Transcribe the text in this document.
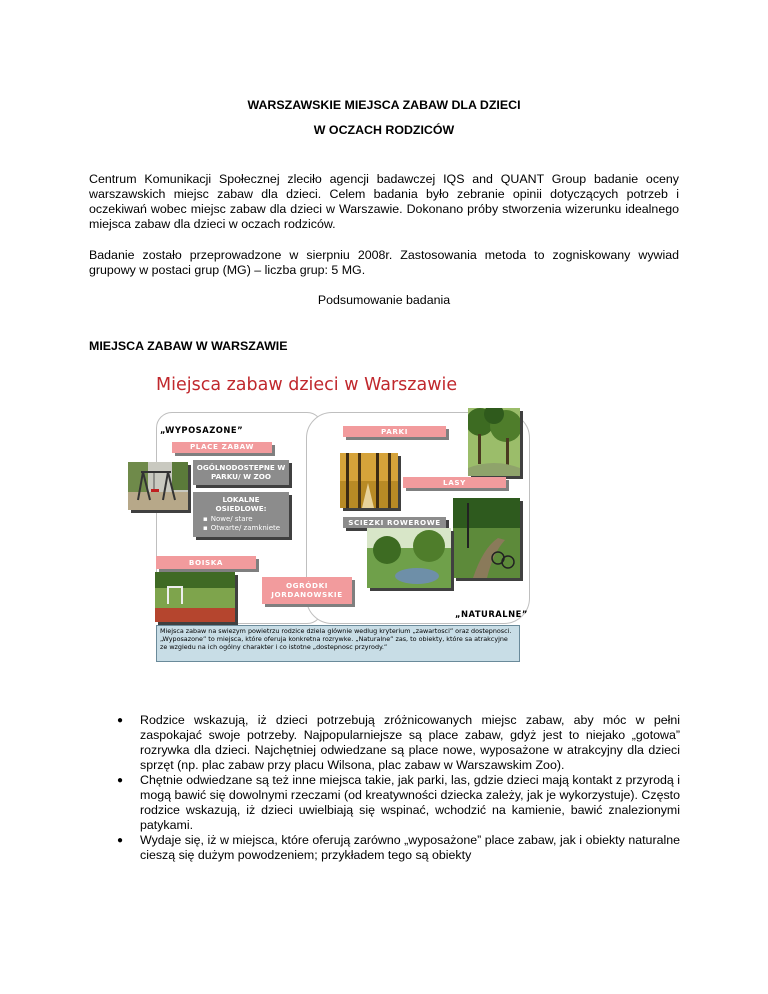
WARSZAWSKIE MIEJSCA ZABAW DLA DZIECI
W OCZACH RODZICÓW
Centrum Komunikacji Społecznej zleciło agencji badawczej IQS and QUANT Group badanie oceny warszawskich miejsc zabaw dla dzieci. Celem badania było zebranie opinii dotyczących potrzeb i oczekiwań wobec miejsc zabaw dla dzieci w Warszawie. Dokonano próby stworzenia wizerunku idealnego miejsca zabaw dla dzieci w oczach rodziców.
Badanie zostało przeprowadzone w sierpniu 2008r. Zastosowania metoda to zogniskowany wywiad grupowy w postaci grup (MG) – liczba grup: 5 MG.
Podsumowanie badania
MIEJSCA ZABAW W WARSZAWIE
Miejsca zabaw dzieci w Warszawie
„WYPOSAZONE”
„NATURALNE”
PLACE ZABAW
OGÓLNODOSTEPNE W PARKU/ W ZOO
LOKALNE OSIEDLOWE:
▪ Nowe/ stare
▪ Otwarte/ zamkniete
PARKI
LASY
SCIEZKI ROWEROWE
BOISKA
OGRÓDKI JORDANOWSKIE
Miejsca zabaw na swiezym powietrzu rodzice dziela glównie wedlug kryterium „zawartosci” oraz dostepnosci. „Wyposazone” to miejsca, które oferuja konkretna rozrywke. „Naturalne” zas, to obiekty, które sa atrakcyjne ze wzgledu na ich ogólny charakter i co istotne „dostepnosc przyrody.”
● Rodzice wskazują, iż dzieci potrzebują zróżnicowanych miejsc zabaw, aby móc w pełni zaspokajać swoje potrzeby. Najpopularniejsze są place zabaw, gdyż jest to niejako „gotowa” rozrywka dla dzieci. Najchętniej odwiedzane są place nowe, wyposażone w atrakcyjny dla dzieci sprzęt (np. plac zabaw przy placu Wilsona, plac zabaw w Warszawskim Zoo).
● Chętnie odwiedzane są też inne miejsca takie, jak parki, las, gdzie dzieci mają kontakt z przyrodą i mogą bawić się dowolnymi rzeczami (od kreatywności dziecka zależy, jak je wykorzystuje). Często rodzice wskazują, iż dzieci uwielbiają się wspinać, wchodzić na kamienie, bawić znalezionymi patykami.
● Wydaje się, iż w miejsca, które oferują zarówno „wyposażone” place zabaw, jak i obiekty naturalne cieszą się dużym powodzeniem; przykładem tego są obiekty
